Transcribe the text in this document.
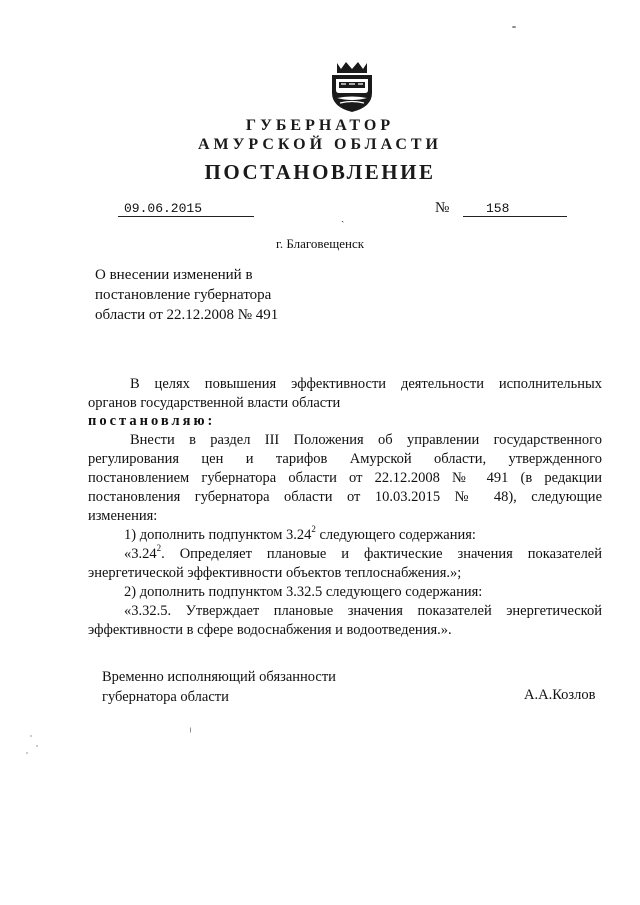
ГУБЕРНАТОР
АМУРСКОЙ ОБЛАСТИ
ПОСТАНОВЛЕНИЕ
09.06.2015
ˎ
№	158
г. Благовещенск
О внесении изменений в
постановление губернатора
области от 22.12.2008 № 491
В целях повышения эффективности деятельности исполнительных
органов государственной власти области
постановляю:
Внести в раздел III Положения об управлении государственного
регулирования цен и тарифов Амурской области, утвержденного
постановлением губернатора области от 22.12.2008 № 491 (в редакции
постановления губернатора области от 10.03.2015 № 48), следующие
изменения:
1) дополнить подпунктом 3.24$^2$ следующего содержания:
«3.24$^2$. Определяет плановые и фактические значения показателей
энергетической эффективности объектов теплоснабжения.»;
2) дополнить подпунктом 3.32.5 следующего содержания:
«3.32.5. Утверждает плановые значения показателей энергетической
эффективности в сфере водоснабжения и водоотведения.».
Временно исполняющий обязанности
губернатора области	А.А.Козлов
